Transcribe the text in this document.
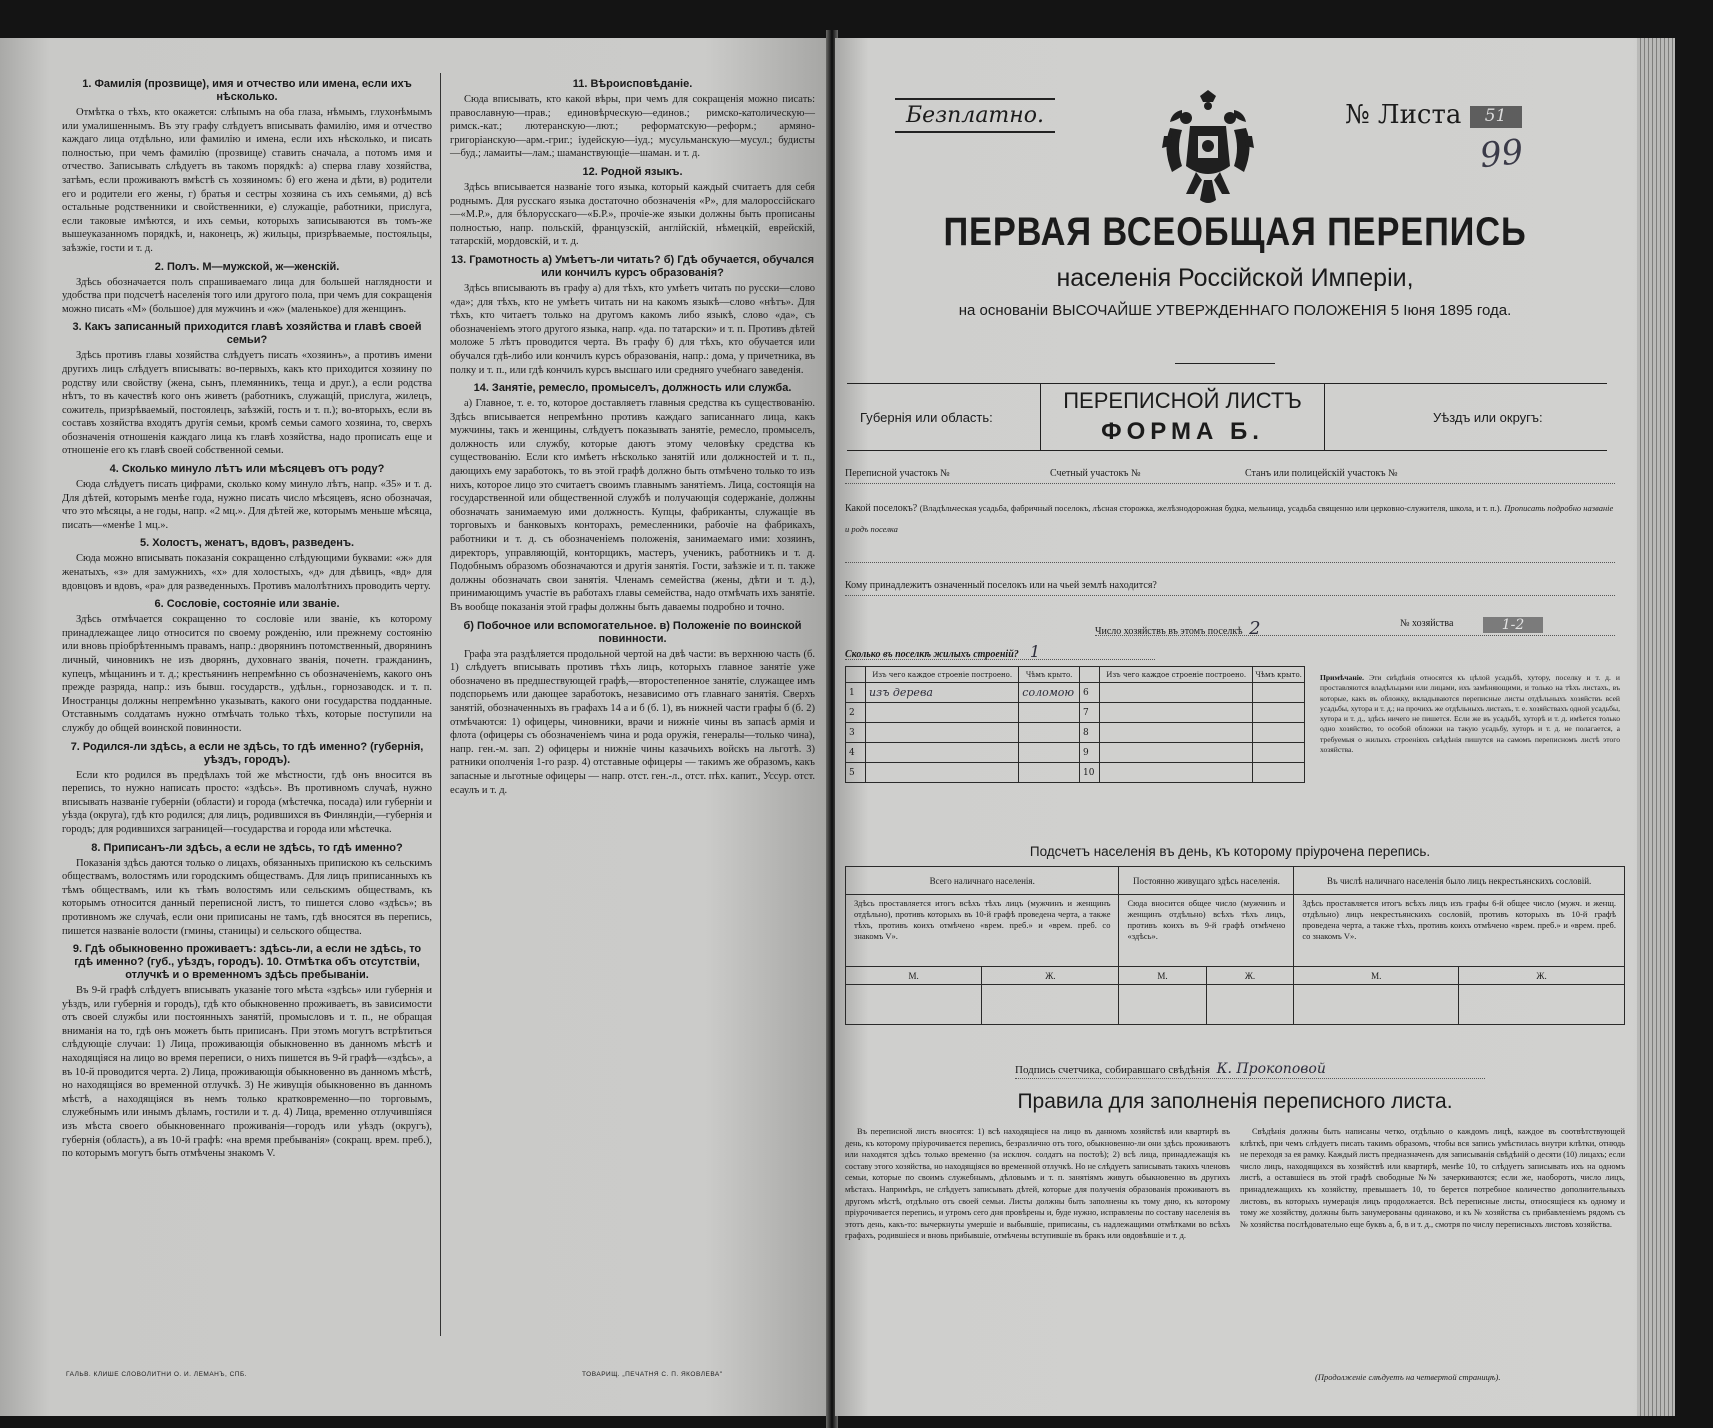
1. Фамилія (прозвище), имя и отчество или имена, если ихъ нѣсколько.

Отмѣтка о тѣхъ, кто окажется: слѣпымъ на оба глаза, нѣмымъ, глухонѣмымъ или умалишеннымъ. Въ эту графу слѣдуетъ вписывать фамилію, имя и отчество каждаго лица отдѣльно, или фамилію и имена, если ихъ нѣсколько, и писать полностью, при чемъ фамилію (прозвище) ставить сначала, а потомъ имя и отчество. Записывать слѣдуетъ въ такомъ порядкѣ: а) сперва главу хозяйства, затѣмъ, если проживаютъ вмѣстѣ съ хозяиномъ: б) его жена и дѣти, в) родители его и родители его жены, г) братья и сестры хозяина съ ихъ семьями, д) всѣ остальные родственники и свойственники, е) служащіе, работники, прислуга, если таковые имѣются, и ихъ семьи, которыхъ записываются въ томъ-же вышеуказанномъ порядкѣ, и, наконецъ, ж) жильцы, призрѣваемые, постояльцы, заѣзжіе, гости и т. д.

2. Полъ. М—мужской, ж—женскій.

Здѣсь обозначается полъ спрашиваемаго лица для большей наглядности и удобства при подсчетѣ населенія того или другого пола, при чемъ для сокращенія можно писать «М» (большое) для мужчинъ и «ж» (маленькое) для женщинъ.

3. Какъ записанный приходится главѣ хозяйства и главѣ своей семьи?

Здѣсь противъ главы хозяйства слѣдуетъ писать «хозяинъ», а противъ имени другихъ лицъ слѣдуетъ вписывать: во-первыхъ, какъ кто приходится хозяину по родству или свойству (жена, сынъ, племянникъ, теща и друг.), а если родства нѣтъ, то въ качествѣ кого онъ живетъ (работникъ, служащій, прислуга, жилецъ, сожитель, призрѣваемый, постоялецъ, заѣзжій, гость и т. п.); во-вторыхъ, если въ составъ хозяйства входятъ другія семьи, кромѣ семьи самого хозяина, то, сверхъ обозначенія отношенія каждаго лица къ главѣ хозяйства, надо прописать еще и отношеніе его къ главѣ своей собственной семьи.

4. Сколько минуло лѣтъ или мѣсяцевъ отъ роду?

Сюда слѣдуетъ писать цифрами, сколько кому минуло лѣтъ, напр. «35» и т. д. Для дѣтей, которымъ менѣе года, нужно писать число мѣсяцевъ, ясно обозначая, что это мѣсяцы, а не годы, напр. «2 мц.». Для дѣтей же, которымъ меньше мѣсяца, писать—«менѣе 1 мц.».

5. Холостъ, женатъ, вдовъ, разведенъ.

Сюда можно вписывать показанія сокращенно слѣдующими буквами: «ж» для женатыхъ, «з» для замужнихъ, «х» для холостыхъ, «д» для дѣвицъ, «вд» для вдовцовъ и вдовъ, «ра» для разведенныхъ. Противъ малолѣтнихъ проводить черту.

6. Сословіе, состояніе или званіе.

Здѣсь отмѣчается сокращенно то сословіе или званіе, къ которому принадлежащее лицо относится по своему рожденію, или прежнему состоянію или вновь пріобрѣтеннымъ правамъ, напр.: дворянинъ потомственный, дворянинъ личный, чиновникъ не изъ дворянъ, духовнаго званія, почетн. гражданинъ, купецъ, мѣщанинъ и т. д.; крестьянинъ непремѣнно съ обозначеніемъ, какого онъ прежде разряда, напр.: изъ бывш. государств., удѣльн., горнозаводск. и т. п. Иностранцы должны непремѣнно указывать, какого они государства подданные. Отставнымъ солдатамъ нужно отмѣчать только тѣхъ, которые поступили на службу до общей воинской повинности.

7. Родился-ли здѣсь, а если не здѣсь, то гдѣ именно? (губернія, уѣздъ, городъ).

Если кто родился въ предѣлахъ той же мѣстности, гдѣ онъ вносится въ перепись, то нужно написать просто: «здѣсь». Въ противномъ случаѣ, нужно вписывать названіе губерніи (области) и города (мѣстечка, посада) или губерніи и уѣзда (округа), гдѣ кто родился; для лицъ, родившихся въ Финляндіи,—губернія и городъ; для родившихся заграницей—государства и города или мѣстечка.

8. Приписанъ-ли здѣсь, а если не здѣсь, то гдѣ именно?

Показанія здѣсь даются только о лицахъ, обязанныхъ припискою къ сельскимъ обществамъ, волостямъ или городскимъ обществамъ. Для лицъ приписанныхъ къ тѣмъ обществамъ, или къ тѣмъ волостямъ или сельскимъ обществамъ, къ которымъ относится данный переписной листъ, то пишется слово «здѣсь»; въ противномъ же случаѣ, если они приписаны не тамъ, гдѣ вносятся въ перепись, пишется названіе волости (гмины, станицы) и сельского общества.

9. Гдѣ обыкновенно проживаетъ: здѣсь-ли, а если не здѣсь, то гдѣ именно? (губ., уѣздъ, городъ). 10. Отмѣтка объ отсутствіи, отлучкѣ и о временномъ здѣсь пребываніи.

Въ 9-й графѣ слѣдуетъ вписывать указаніе того мѣста «здѣсь» или губернія и уѣздъ, или губернія и городъ), гдѣ кто обыкновенно проживаетъ, въ зависимости отъ своей службы или постоянныхъ занятій, промысловъ и т. п., не обращая вниманія на то, гдѣ онъ можетъ быть приписанъ. При этомъ могутъ встрѣтиться слѣдующіе случаи: 1) Лица, проживающія обыкновенно въ данномъ мѣстѣ и находящіяся на лицо во время переписи, о нихъ пишется въ 9-й графѣ—«здѣсь», а въ 10-й проводится черта. 2) Лица, проживающія обыкновенно въ данномъ мѣстѣ, но находящіяся во временной отлучкѣ. 3) Не живущія обыкновенно въ данномъ мѣстѣ, а находящіяся въ немъ только кратковременно—по торговымъ, служебнымъ или инымъ дѣламъ, гостили и т. д. 4) Лица, временно отлучившіяся изъ мѣста своего обыкновеннаго проживанія—городъ или уѣздъ (округъ), губернія (область), а въ 10-й графѣ: «на время пребыванія» (сокращ. врем. преб.), по которымъ могутъ быть отмѣчены знакомъ V.

11. Вѣроисповѣданіе.

Сюда вписывать, кто какой вѣры, при чемъ для сокращенія можно писать: православную—прав.; единовѣрческую—единов.; римско-католическую—римск.-кат.; лютеранскую—лют.; реформатскую—реформ.; армяно-григоріанскую—арм.-григ.; іудейскую—іуд.; мусульманскую—мусул.; будисты—буд.; ламаиты—лам.; шаманствующіе—шаман. и т. д.

12. Родной языкъ.

Здѣсь вписывается названіе того языка, который каждый считаетъ для себя роднымъ. Для русскаго языка достаточно обозначенія «Р», для малороссійскаго—«М.Р.», для бѣлорусскаго—«Б.Р.», прочіе-же языки должны быть прописаны полностью, напр. польскій, французскій, англійскій, нѣмецкій, еврейскій, татарскій, мордовскій, и т. д.

13. Грамотность а) Умѣетъ-ли читать? б) Гдѣ обучается, обучался или кончилъ курсъ образованія?

Здѣсь вписывають въ графу а) для тѣхъ, кто умѣетъ читать по русски—слово «да»; для тѣхъ, кто не умѣетъ читать ни на какомъ языкѣ—слово «нѣтъ». Для тѣхъ, кто читаетъ только на другомъ какомъ либо языкѣ, слово «да», съ обозначеніемъ этого другого языка, напр. «да. по татарски» и т. п. Противъ дѣтей моложе 5 лѣтъ проводится черта. Въ графу б) для тѣхъ, кто обучается или обучался гдѣ-либо или кончилъ курсъ образованія, напр.: дома, у причетника, въ полку и т. п., или гдѣ кончилъ курсъ высшаго или средняго учебнаго заведенія.

14. Занятіе, ремесло, промыселъ, должность или служба.

а) Главное, т. е. то, которое доставляетъ главныя средства къ существованію. Здѣсь вписывается непремѣнно противъ каждаго записаннаго лица, какъ мужчины, такъ и женщины, слѣдуетъ показывать занятіе, ремесло, промыселъ, должность или службу, которые даютъ этому человѣку средства къ существованію. Если кто имѣетъ нѣсколько занятій или должностей и т. п., дающихъ ему заработокъ, то въ этой графѣ должно быть отмѣчено только то изъ нихъ, которое лицо это считаетъ своимъ главнымъ занятіемъ. Лица, состоящія на государственной или общественной службѣ и получающія содержаніе, должны обозначать занимаемую ими должность. Купцы, фабриканты, служащіе въ торговыхъ и банковыхъ конторахъ, ремесленники, рабочіе на фабрикахъ, работники и т. д. съ обозначеніемъ положенія, занимаемаго ими: хозяинъ, директоръ, управляющій, конторщикъ, мастеръ, ученикъ, работникъ и т. д. Подобнымъ образомъ обозначаются и другія занятія. Гости, заѣзжіе и т. п. также должны обозначать свои занятія. Членамъ семейства (жены, дѣти и т. д.), принимающимъ участіе въ работахъ главы семейства, надо отмѣчать ихъ занятіе. Въ вообще показанія этой графы должны быть даваемы подробно и точно.

б) Побочное или вспомогательное. в) Положеніе по воинской повинности.

Графа эта раздѣляется продольной чертой на двѣ части: въ верхнюю часть (б. 1) слѣдуетъ вписывать противъ тѣхъ лицъ, которыхъ главное занятіе уже обозначено въ предшествующей графѣ,—второстепенное занятіе, служащее имъ подспорьемъ или дающее заработокъ, независимо отъ главнаго занятія. Сверхъ занятій, обозначенныхъ въ графахъ 14 а и б (б. 1), въ нижней части графы б (б. 2) отмѣчаются: 1) офицеры, чиновники, врачи и нижніе чины въ запасѣ армія и флота (офицеры съ обозначеніемъ чина и рода оружія, генералы—только чина), напр. ген.-м. зап. 2) офицеры и нижніе чины казачьихъ войскъ на льготѣ. 3) ратники ополченія 1-го разр. 4) отставные офицеры — такимъ же образомъ, какъ запасные и льготные офицеры — напр. отст. ген.-л., отст. пѣх. капит., Уссур. отст. есаулъ и т. д.

ГАЛЬВ. КЛИШЕ СЛОВОЛИТНИ О. И. ЛЕМАНЪ, СПБ.	ТОВАРИЩ. „ПЕЧАТНЯ С. П. ЯКОВЛЕВА"
Безплатно.	№ Листа 51
99
ПЕРВАЯ ВСЕОБЩАЯ ПЕРЕПИСЬ
населенія Россійской Имперіи,
на основаніи ВЫСОЧАЙШЕ УТВЕРЖДЕННАГО ПОЛОЖЕНІЯ 5 Іюня 1895 года.
Губернія или область:
ПЕРЕПИСНОЙ ЛИСТЪ
ФОРМА Б.
Уѣздъ или округъ:
Переписной участокъ №	Счетный участокъ №	Станъ или полицейскій участокъ №
Какой поселокъ? (Владѣльческая усадьба, фабричный поселокъ, лѣсная сторожка, желѣзнодорожная будка, мельница, усадьба священно или церковно-служителя, школа, и т. п.). Прописать подробно названіе и родъ поселка
Кому принадлежитъ означенный поселокъ или на чьей землѣ находится?
Число хозяйствъ въ этомъ поселкѣ 2	№ хозяйства	1-2
Сколько въ поселкѣ жилыхъ строеній? 1
	Изъ чего каждое строеніе построено.	Чѣмъ крыто.		Изъ чего каждое строеніе построено.	Чѣмъ крыто.
1	изъ дерева	соломою	6		
2			7		
3			8		
4			9		
5			10		
Примѣчаніе. Эти свѣдѣнія относятся къ цѣлой усадьбѣ, хутору, поселку и т. д. и проставляются владѣльцами или лицами, ихъ замѣняющими, и только на тѣхъ листахъ, въ которые, какъ въ обложку, вкладываются переписные листы отдѣльныхъ хозяйствъ всей усадьбы, хутора и т. д.; на прочихъ же отдѣльныхъ листахъ, т. е. хозяйствахъ одной усадьбы, хутора и т. д., здѣсь ничего не пишется. Если же въ усадьбѣ, хуторѣ и т. д. имѣется только одно хозяйство, то особой обложки на такую усадьбу, хуторъ и т. д. не полагается, а требуемыя о жилыхъ строеніяхъ свѣдѣнія пишутся на самомъ переписномъ листѣ этого хозяйства.
Подсчетъ населенія въ день, къ которому пріурочена перепись.
Всего наличнаго населенія.		Постоянно живущаго здѣсь населенія.		Въ числѣ наличнаго населенія было лицъ некрестьянскихъ сословій.	
Здѣсь проставляется итогъ всѣхъ тѣхъ лицъ (мужчинъ и женщинъ отдѣльно), противъ которыхъ въ 10-й графѣ проведена черта, а также тѣхъ, противъ коихъ отмѣчено «врем. преб.» и «врем. преб. со знакомъ V».		Сюда вносится общее число (мужчинъ и женщинъ отдѣльно) всѣхъ тѣхъ лицъ, противъ коихъ въ 9-й графѣ отмѣчено «здѣсь».		Здѣсь проставляется итогъ всѣхъ лицъ изъ графы 6-й общее число (мужч. и женщ. отдѣльно) лицъ некрестьянскихъ сословій, противъ которыхъ въ 10-й графѣ проведена черта, а также тѣхъ, противъ коихъ отмѣчено «врем. преб.» и «врем. преб. со знакомъ V».	
М.	Ж.	М.	Ж.	М.	Ж.

Подпись счетчика, собиравшаго свѣдѣнія К. Прокоповой
Правила для заполненія переписного листа.
Въ переписной листъ вносятся: 1) всѣ находящіеся на лицо въ данномъ хозяйствѣ или квартирѣ въ день, къ которому пріурочивается перепись, безразлично отъ того, обыкновенно-ли они здѣсь проживаютъ или находятся здѣсь только временно (за исключ. солдатъ на постоѣ); 2) всѣ лица, принадлежащія къ составу этого хозяйства, но находящіяся во временной отлучкѣ. Но не слѣдуетъ записывать такихъ членовъ семьи, которые по своимъ служебнымъ, дѣловымъ и т. п. занятіямъ живутъ обыкновенно въ другихъ мѣстахъ. Напримѣръ, не слѣдуетъ записывать дѣтей, которые для полученія образованія проживаютъ въ другомъ мѣстѣ, отдѣльно отъ своей семьи. Листы должны быть заполнены къ тому дню, къ которому пріурочивается перепись, и утромъ сего дня провѣрены и, буде нужно, исправлены по составу населенія въ этотъ день, какъ-то: вычеркнуты умершіе и выбывшіе, приписаны, съ надлежащими отмѣтками во всѣхъ графахъ, родившіеся и вновь прибывшіе, отмѣчены вступившіе въ бракъ или овдовѣвшіе и т. д.
Свѣдѣнія должны быть написаны четко, отдѣльно о каждомъ лицѣ, каждое въ соотвѣтствующей клѣткѣ, при чемъ слѣдуетъ писать такимъ образомъ, чтобы вся запись умѣстилась внутри клѣтки, отнюдь не переходя за ея рамку. Каждый листъ предназначенъ для записыванія свѣдѣній о десяти (10) лицахъ; если число лицъ, находящихся въ хозяйствѣ или квартирѣ, менѣе 10, то слѣдуетъ записывать ихъ на одномъ листѣ, а оставшіеся въ этой графѣ свободные №№ зачеркиваются; если же, наоборотъ, число лицъ, принадлежащихъ къ хозяйству, превышаетъ 10, то берется потребное количество дополнительныхъ листовъ, въ которыхъ нумерація лицъ продолжается. Всѣ переписные листы, относящіеся къ одному и тому же хозяйству, должны быть занумерованы одинаково, и къ № хозяйства съ прибавленіемъ рядомъ съ № хозяйства послѣдовательно еще буквъ а, б, в и т. д., смотря по числу переписныхъ листовъ хозяйства.
(Продолженіе слѣдуетъ на четвертой страницѣ).
